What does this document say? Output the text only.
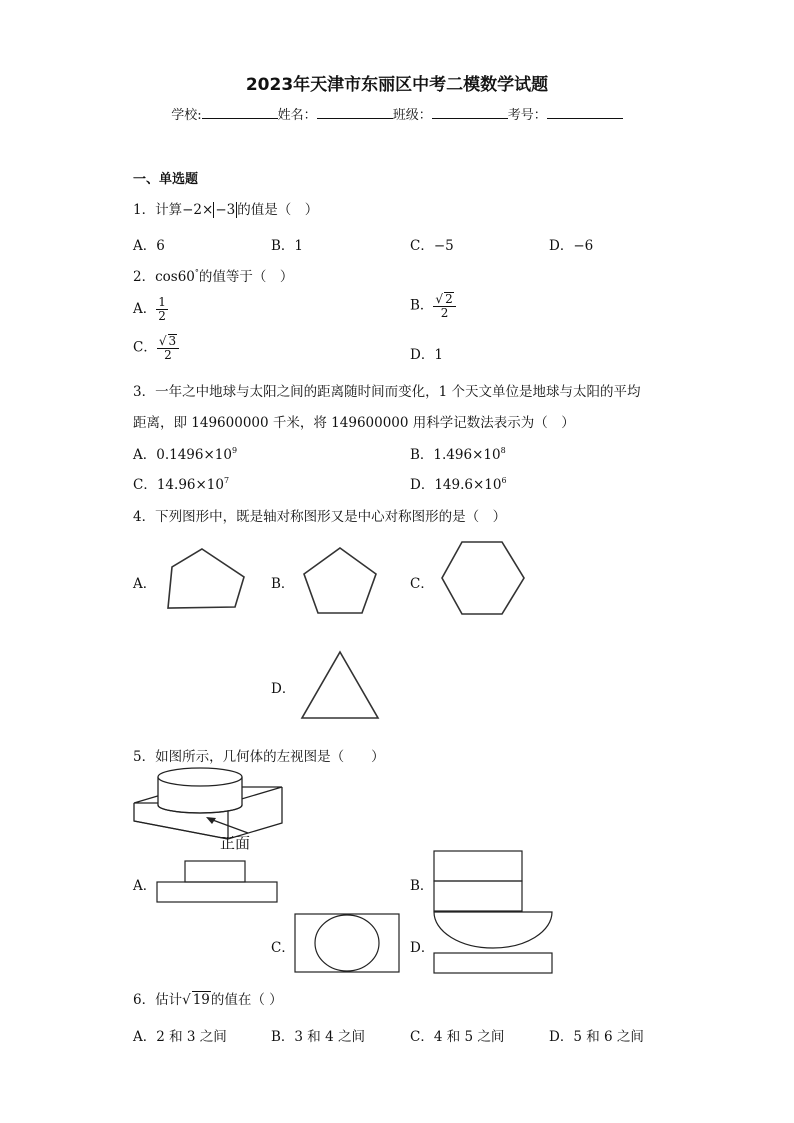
2023年天津市东丽区中考二模数学试题
学校:	姓名：	班级：	考号：
一、单选题
1．计算−2× −3 的值是（　）
A．6	B．1	C．−5	D．−6
2．cos60°的值等于（　）
A． $\frac{1}{2}$	B． $\frac{√ 2}{2}$
C． $\frac{√ 3}{2}$	D．1
3．一年之中地球与太阳之间的距离随时间而变化，1 个天文单位是地球与太阳的平均
距离，即 149600000 千米，将 149600000 用科学记数法表示为（　）
A．$0.1496\times 10^9$	B．$1.496\times 10^8$
C．$14.96\times 10^7$	D．$149.6\times 10^6$
4．下列图形中，既是轴对称图形又是中心对称图形的是（　）
A．	B．	C．
D．
5．如图所示，几何体的左视图是（　　）
正面
A．	B．
C．	D．
6．估计√ 19的值在（ ）
A．2 和 3 之间	B．3 和 4 之间	C．4 和 5 之间	D．5 和 6 之间
